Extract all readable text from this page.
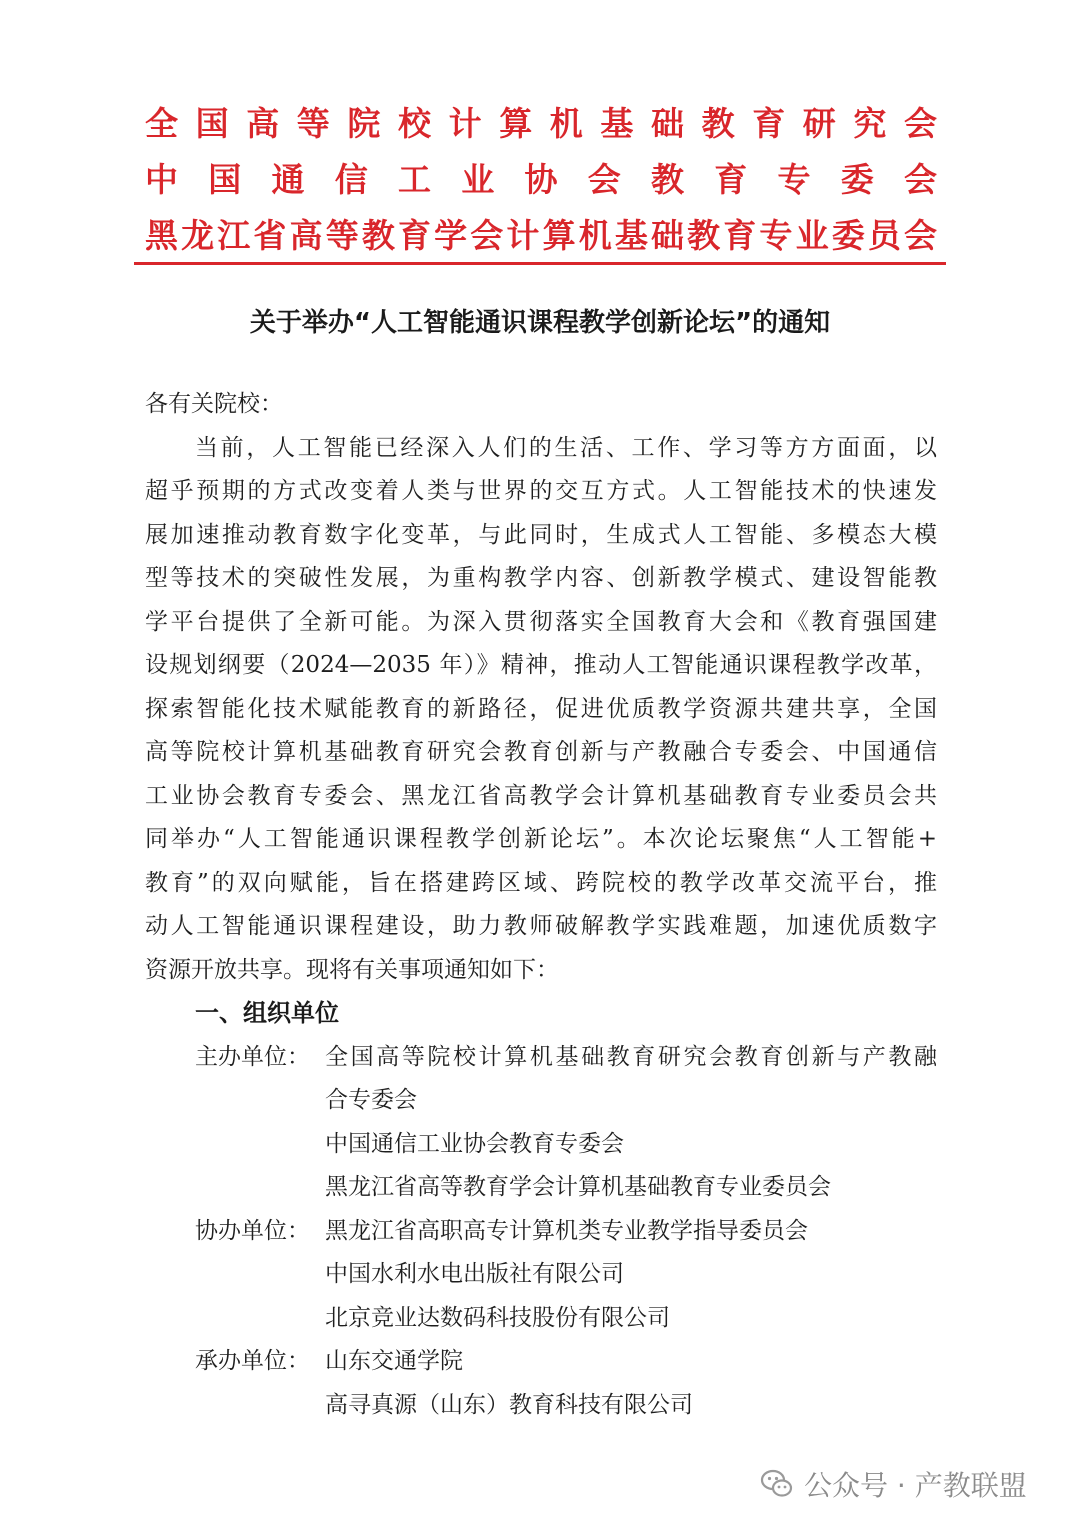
全国高等院校计算机基础教育研究会
中国通信工业协会教育专委会
黑龙江省高等教育学会计算机基础教育专业委员会
关于举办“人工智能通识课程教学创新论坛”的通知
各有关院校：
当前，人工智能已经深入人们的生活、工作、学习等方方面面，以
超乎预期的方式改变着人类与世界的交互方式。人工智能技术的快速发
展加速推动教育数字化变革，与此同时，生成式人工智能、多模态大模
型等技术的突破性发展，为重构教学内容、创新教学模式、建设智能教
学平台提供了全新可能。为深入贯彻落实全国教育大会和《教育强国建
设规划纲要（2024—2035 年）》精神，推动人工智能通识课程教学改革，
探索智能化技术赋能教育的新路径，促进优质教学资源共建共享，全国
高等院校计算机基础教育研究会教育创新与产教融合专委会、中国通信
工业协会教育专委会、黑龙江省高教学会计算机基础教育专业委员会共
同举办“人工智能通识课程教学创新论坛”。本次论坛聚焦“人工智能+
教育”的双向赋能，旨在搭建跨区域、跨院校的教学改革交流平台，推
动人工智能通识课程建设，助力教师破解教学实践难题，加速优质数字
资源开放共享。现将有关事项通知如下：
一、组织单位
主办单位： 全国高等院校计算机基础教育研究会教育创新与产教融
合专委会
中国通信工业协会教育专委会
黑龙江省高等教育学会计算机基础教育专业委员会
协办单位： 黑龙江省高职高专计算机类专业教学指导委员会
中国水利水电出版社有限公司
北京竞业达数码科技股份有限公司
承办单位： 山东交通学院
高寻真源（山东）教育科技有限公司
公众号 · 产教联盟
